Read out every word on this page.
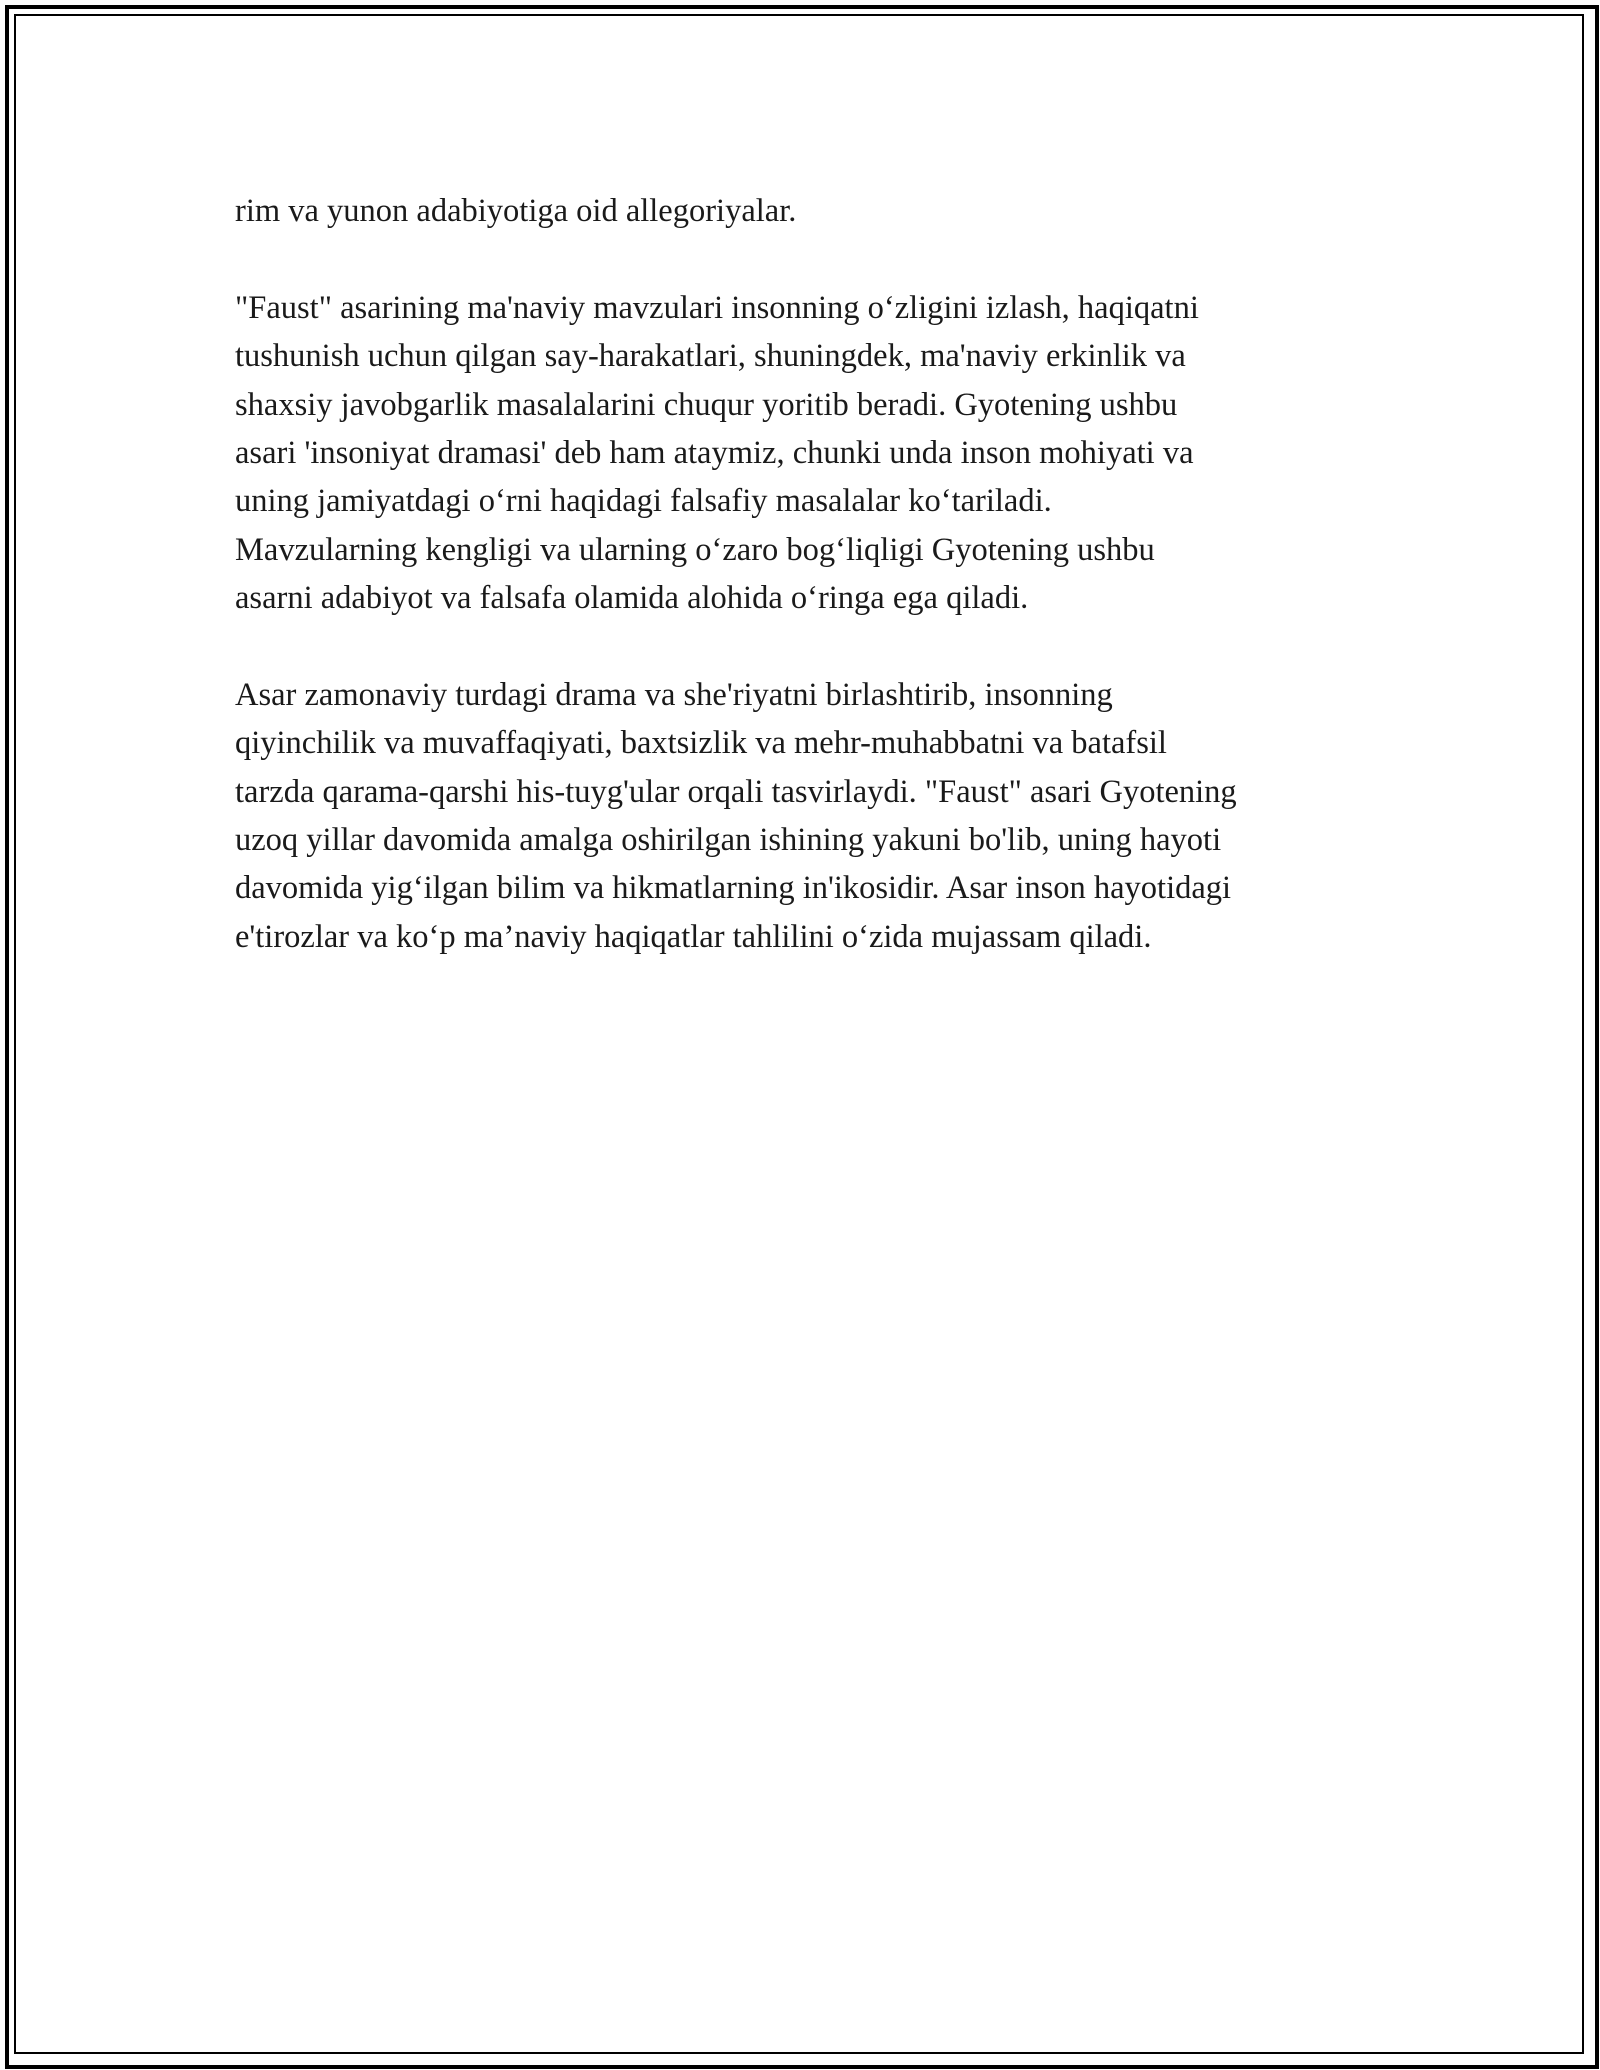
rim va yunon adabiyotiga oid allegoriyalar.
"Faust" asarining ma'naviy mavzulari insonning o‘zligini izlash, haqiqatni
tushunish uchun qilgan say-harakatlari, shuningdek, ma'naviy erkinlik va
shaxsiy javobgarlik masalalarini chuqur yoritib beradi. Gyotening ushbu
asari 'insoniyat dramasi' deb ham ataymiz, chunki unda inson mohiyati va
uning jamiyatdagi o‘rni haqidagi falsafiy masalalar ko‘tariladi.
Mavzularning kengligi va ularning o‘zaro bog‘liqligi Gyotening ushbu
asarni adabiyot va falsafa olamida alohida o‘ringa ega qiladi.
Asar zamonaviy turdagi drama va she'riyatni birlashtirib, insonning
qiyinchilik va muvaffaqiyati, baxtsizlik va mehr-muhabbatni va batafsil
tarzda qarama-qarshi his-tuyg'ular orqali tasvirlaydi. "Faust" asari Gyotening
uzoq yillar davomida amalga oshirilgan ishining yakuni bo'lib, uning hayoti
davomida yig‘ilgan bilim va hikmatlarning in'ikosidir. Asar inson hayotidagi
e'tirozlar va ko‘p ma’naviy haqiqatlar tahlilini o‘zida mujassam qiladi.
